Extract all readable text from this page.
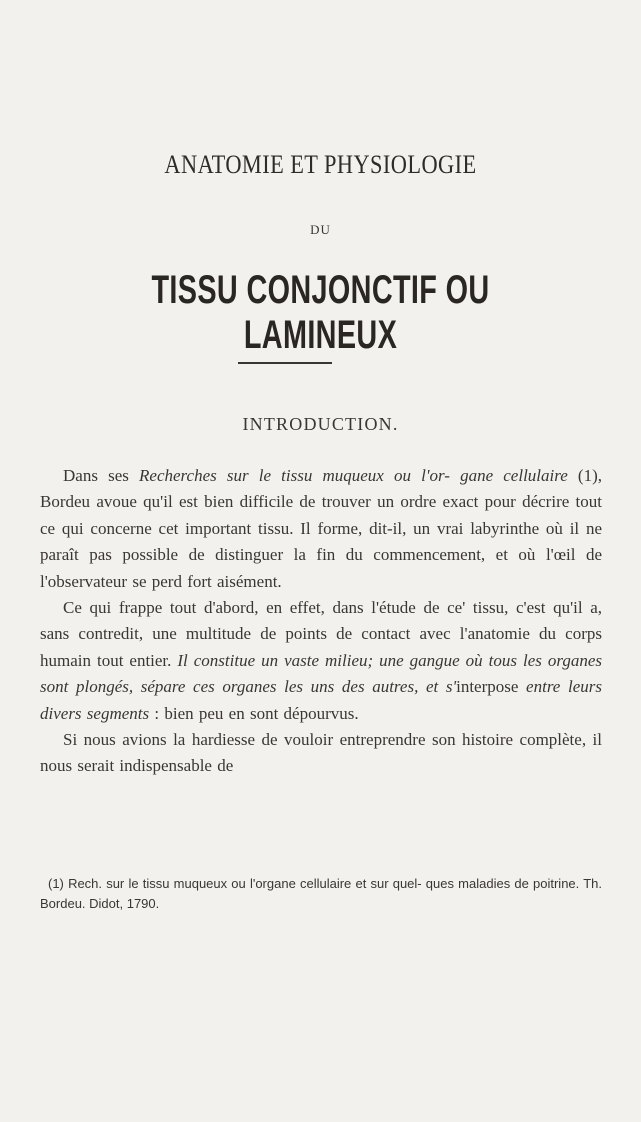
ANATOMIE ET PHYSIOLOGIE
DU
TISSU CONJONCTIF OU LAMINEUX
INTRODUCTION.

Dans ses Recherches sur le tissu muqueux ou l'or- gane cellulaire (1), Bordeu avoue qu'il est bien difficile de trouver un ordre exact pour décrire tout ce qui concerne cet important tissu. Il forme, dit-il, un vrai labyrinthe où il ne paraît pas possible de distinguer la fin du commencement, et où l'œil de l'observateur se perd fort aisément.

Ce qui frappe tout d'abord, en effet, dans l'étude de ce' tissu, c'est qu'il a, sans contredit, une multitude de points de contact avec l'anatomie du corps humain tout entier. Il constitue un vaste milieu; une gangue où tous les organes sont plongés, sépare ces organes les uns des autres, et s'interpose entre leurs divers segments : bien peu en sont dépourvus.

Si nous avions la hardiesse de vouloir entreprendre son histoire complète, il nous serait indispensable de

(1) Rech. sur le tissu muqueux ou l'organe cellulaire et sur quel- ques maladies de poitrine. Th. Bordeu. Didot, 1790.
